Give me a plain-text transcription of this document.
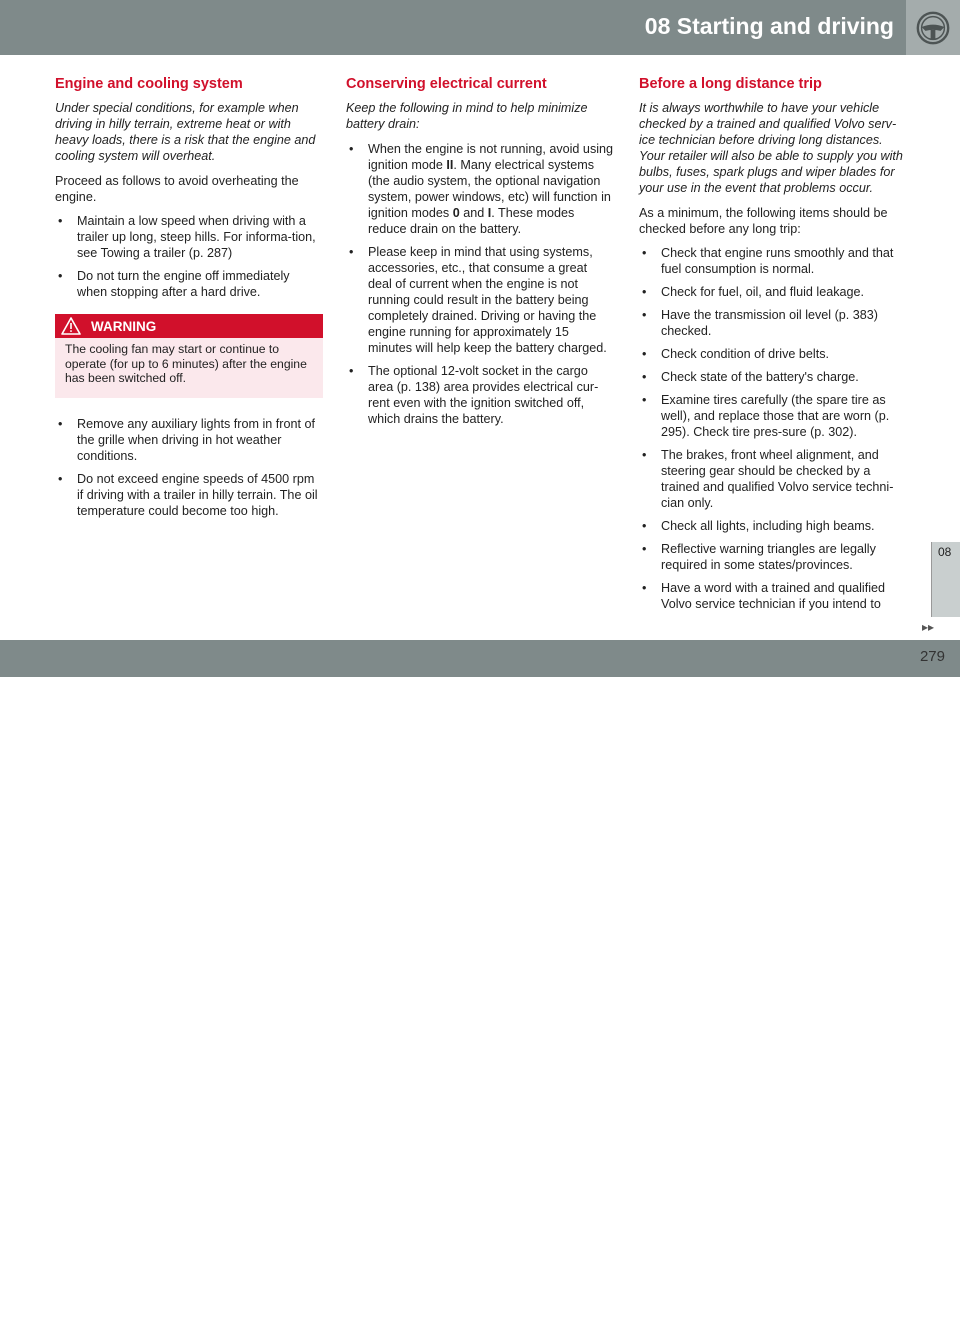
08 Starting and driving
Engine and cooling system
Under special conditions, for example when driving in hilly terrain, extreme heat or with heavy loads, there is a risk that the engine and cooling system will overheat.

Proceed as follows to avoid overheating the engine.

• Maintain a low speed when driving with a trailer up long, steep hills. For informa-tion, see Towing a trailer (p. 287)
• Do not turn the engine off immediately when stopping after a hard drive.
WARNING
The cooling fan may start or continue to operate (for up to 6 minutes) after the engine has been switched off.
• Remove any auxiliary lights from in front of the grille when driving in hot weather conditions.
• Do not exceed engine speeds of 4500 rpm if driving with a trailer in hilly terrain. The oil temperature could become too high.
Conserving electrical current
Keep the following in mind to help minimize battery drain:
• When the engine is not running, avoid using ignition mode II. Many electrical systems (the audio system, the optional navigation system, power windows, etc) will function in ignition modes 0 and I. These modes reduce drain on the battery.
• Please keep in mind that using systems, accessories, etc., that consume a great deal of current when the engine is not running could result in the battery being completely drained. Driving or having the engine running for approximately 15 minutes will help keep the battery charged.
• The optional 12-volt socket in the cargo area (p. 138) area provides electrical cur-rent even with the ignition switched off, which drains the battery.
Before a long distance trip
It is always worthwhile to have your vehicle checked by a trained and qualified Volvo serv-ice technician before driving long distances. Your retailer will also be able to supply you with bulbs, fuses, spark plugs and wiper blades for your use in the event that problems occur.

As a minimum, the following items should be checked before any long trip:

• Check that engine runs smoothly and that fuel consumption is normal.
• Check for fuel, oil, and fluid leakage.
• Have the transmission oil level (p. 383) checked.
• Check condition of drive belts.
• Check state of the battery's charge.
• Examine tires carefully (the spare tire as well), and replace those that are worn (p. 295). Check tire pres-sure (p. 302).
• The brakes, front wheel alignment, and steering gear should be checked by a trained and qualified Volvo service techni-cian only.
• Check all lights, including high beams.
• Reflective warning triangles are legally required in some states/provinces.
• Have a word with a trained and qualified Volvo service technician if you intend to
08
▸▸
carmanualsonline.info
279
